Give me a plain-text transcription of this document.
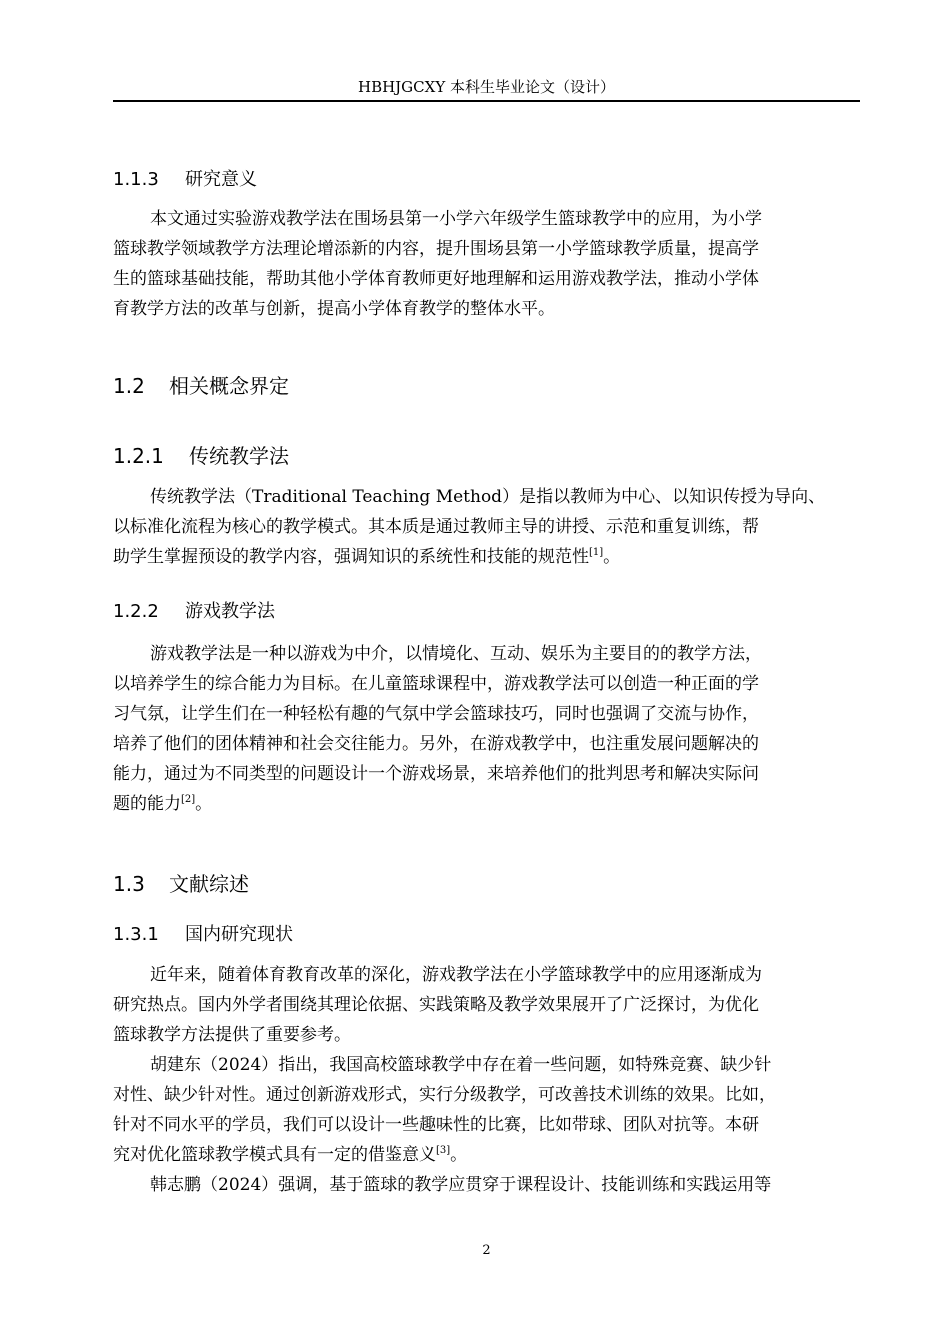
HBHJGCXY 本科生毕业论文（设计）
1.1.3 研究意义
本文通过实验游戏教学法在围场县第一小学六年级学生篮球教学中的应用，为小学
篮球教学领域教学方法理论增添新的内容，提升围场县第一小学篮球教学质量，提高学
生的篮球基础技能，帮助其他小学体育教师更好地理解和运用游戏教学法，推动小学体
育教学方法的改革与创新，提高小学体育教学的整体水平。
1.2 相关概念界定
1.2.1 传统教学法
传统教学法（Traditional Teaching Method）是指以教师为中心、以知识传授为导向、
以标准化流程为核心的教学模式。其本质是通过教师主导的讲授、示范和重复训练，帮
助学生掌握预设的教学内容，强调知识的系统性和技能的规范性[1]。
1.2.2 游戏教学法
游戏教学法是一种以游戏为中介，以情境化、互动、娱乐为主要目的的教学方法，
以培养学生的综合能力为目标。在儿童篮球课程中，游戏教学法可以创造一种正面的学
习气氛，让学生们在一种轻松有趣的气氛中学会篮球技巧，同时也强调了交流与协作，
培养了他们的团体精神和社会交往能力。另外，在游戏教学中，也注重发展问题解决的
能力，通过为不同类型的问题设计一个游戏场景，来培养他们的批判思考和解决实际问
题的能力[2]。
1.3 文献综述
1.3.1 国内研究现状
近年来，随着体育教育改革的深化，游戏教学法在小学篮球教学中的应用逐渐成为
研究热点。国内外学者围绕其理论依据、实践策略及教学效果展开了广泛探讨，为优化
篮球教学方法提供了重要参考。
胡建东（2024）指出，我国高校篮球教学中存在着一些问题，如特殊竞赛、缺少针
对性、缺少针对性。通过创新游戏形式，实行分级教学，可改善技术训练的效果。比如，
针对不同水平的学员，我们可以设计一些趣味性的比赛，比如带球、团队对抗等。本研
究对优化篮球教学模式具有一定的借鉴意义[3]。
韩志鹏（2024）强调，基于篮球的教学应贯穿于课程设计、技能训练和实践运用等
2
